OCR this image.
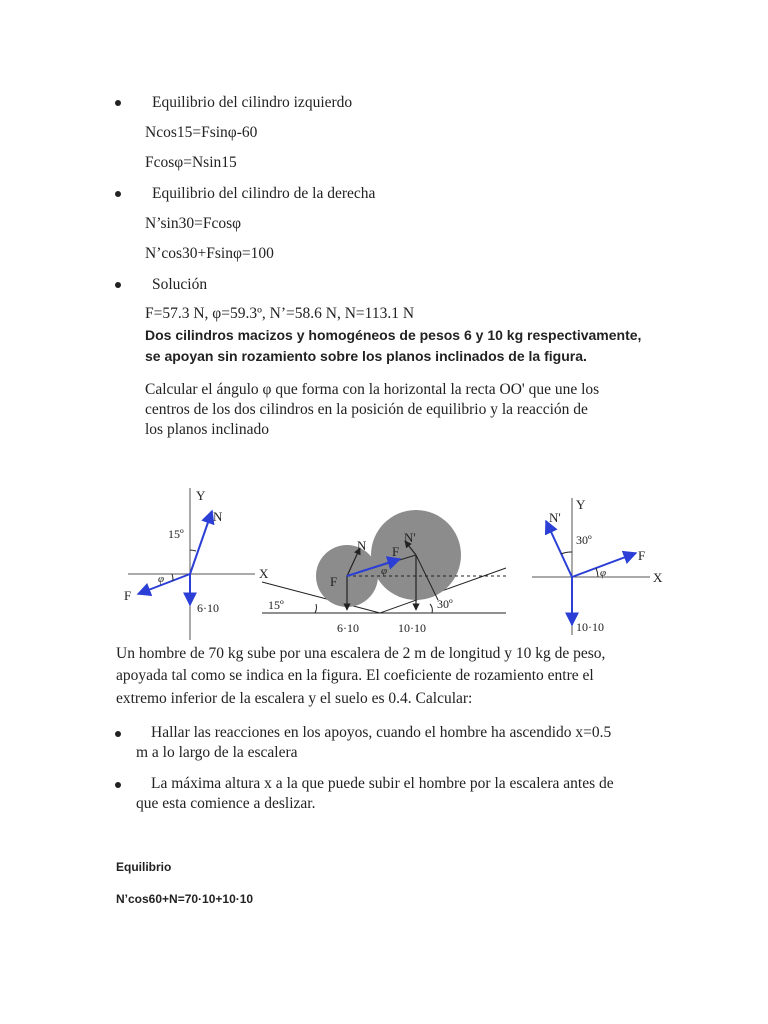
Equilibrio del cilindro izquierdo
Ncos15=Fsinφ-60
Fcosφ=Nsin15
Equilibrio del cilindro de la derecha
N’sin30=Fcosφ
N’cos30+Fsinφ=100
Solución
F=57.3 N, φ=59.3º, N’=58.6 N, N=113.1 N
Dos cilindros macizos y homogéneos de pesos 6 y 10 kg respectivamente,
se apoyan sin rozamiento sobre los planos inclinados de la figura.
Calcular el ángulo φ que forma con la horizontal la recta OO' que une los
centros de los dos cilindros en la posición de equilibrio y la reacción de
los planos inclinado
Y
X
15º
N
F
φ
6·10
N
N'
F
F
φ
15º	30º
6·10	10·10
Y
X
30º
N'
F
φ
10·10
Un hombre de 70 kg sube por una escalera de 2 m de longitud y 10 kg de peso,
apoyada tal como se indica en la figura. El coeficiente de rozamiento entre el
extremo inferior de la escalera y el suelo es 0.4. Calcular:
Hallar las reacciones en los apoyos, cuando el hombre ha ascendido x=0.5
m a lo largo de la escalera
La máxima altura x a la que puede subir el hombre por la escalera antes de
que esta comience a deslizar.
Equilibrio
N’cos60+N=70·10+10·10
